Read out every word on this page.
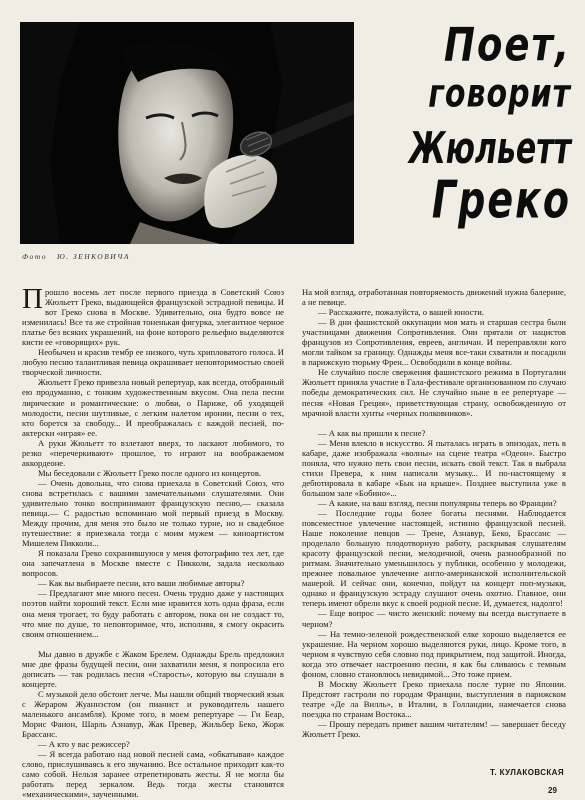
Фото Ю. ЗЕНКОВИЧА
Поет,
говорит
Жюльетт
Греко

Прошло восемь лет после первого приезда в Советский Союз Жюльетт Греко, выдающейся французской эстрадной певицы. И вот Греко снова в Москве. Удивительно, она будто вовсе не изменилась! Все та же стройная тоненькая фигурка, элегантное черное платье без всяких украшений, на фоне которого рельефно выделяются кисти ее «говорящих» рук.

Необычен и красив тембр ее низкого, чуть хрипловатого голоса. И любую песню талантливая певица окрашивает неповторимостью своей творческой личности.

Жюльетт Греко привезла новый репертуар, как всегда, отобранный ею продуманно, с тонким художественным вкусом. Она пела песни лирические и романтические: о любви, о Париже, об уходящей молодости, песни шутливые, с легким налетом иронии, песни о тех, кто борется за свободу... И преображалась с каждой песней, по-актерски «играя» ее.

А руки Жюльетт то взлетают вверх, то ласкают любимого, то резко «перечеркивают» прошлое, то играют на воображаемом аккордеоне.

Мы беседовали с Жюльетт Греко после одного из концертов.

— Очень довольна, что снова приехала в Советский Союз, что снова встретилась с вашими замечательными слушателями. Они удивительно тонко воспринимают французскую песню,— сказала певица.— С радостью вспоминаю мой первый приезд в Москву. Между прочим, для меня это было не только турне, но и свадебное путешествие: я приезжала тогда с моим мужем — киноартистом Мишелем Пикколи...

Я показала Греко сохранившуюся у меня фотографию тех лет, где она запечатлена в Москве вместе с Пикколи, задала несколько вопросов.

— Как вы выбираете песни, кто ваши любимые авторы?

— Предлагают мне много песен. Очень трудно даже у настоящих поэтов найти хороший текст. Если мне нравится хоть одна фраза, если она меня трогает, то буду работать с автором, пока он не создаст то, что мне по душе, то неповторимое, что, исполняя, я смогу окрасить своим отношением...

Мы давно в дружбе с Жаком Брелем. Однажды Брель предложил мне две фразы будущей песни, они захватили меня, я попросила его дописать — так родилась песня «Старость», которую вы слушали в концерте.

С музыкой дело обстоит легче. Мы нашли общий творческий язык с Жераром Жуаннэстом (он пианист и руководитель нашего маленького ансамбля). Кроме того, в моем репертуаре — Ги Беар, Морис Фанон, Шарль Азнавур, Жак Превер, Жильбер Беко, Жорж Брассанс.

— А кто у вас режиссер?

— Я всегда работаю над новой песней сама, «обкатывая» каждое слово, прислушиваясь к его звучанию. Все остальное приходит как-то само собой. Нельзя заранее отрепетировать жесты. Я не могла бы работать перед зеркалом. Ведь тогда жесты становятся «механическими», заученными.

На мой взгляд, отработанная повторяемость движений нужна балерине, а не певице.

— Расскажите, пожалуйста, о вашей юности.

— В дни фашистской оккупации моя мать и старшая сестра были участницами движения Сопротивления. Они прятали от нацистов французов из Сопротивления, евреев, англичан. И переправляли кого могли тайком за границу. Однажды меня все-таки схватили и посадили в парижскую тюрьму Френ... Освободили в конце войны.

Не случайно после свержения фашистского режима в Португалии Жюльетт приняла участие в Гала-фестивале организованном по случаю победы демократических сил. Не случайно ныне в ее репертуаре — песня «Новая Греция», приветствующая страну, освобожденную от мрачной власти хунты «черных полковников».

— А как вы пришли к песне?

— Меня влекло в искусство. Я пыталась играть в эпизодах, петь в кабаре, даже изображала «волны» на сцене театра «Одеон». Быстро поняла, что нужно петь свои песни, искать свой текст. Так я выбрала стихи Превера, к ним написали музыку... И по-настоящему я дебютировала в кабаре «Бык на крыше». Позднее выступила уже в большом зале «Бобино»...

— А какие, на ваш взгляд, песни популярны теперь во Франции?

— Последние годы более богаты песнями. Наблюдается повсеместное увлечение настоящей, истинно французской песней. Наше поколение певцов — Трене, Азнавур, Беко, Брассанс — проделало большую плодотворную работу, раскрывая слушателям красоту французской песни, мелодичной, очень разнообразной по ритмам. Значительно уменьшилось у публики, особенно у молодежи, прежнее повальное увлечение англо-американской исполнительской манерой. И сейчас они, конечно, пойдут на концерт поп-музыки, однако и французскую эстраду слушают очень охотно. Главное, они теперь имеют обрели вкус к своей родной песне. И, думается, надолго!

— Еще вопрос — чисто женский: почему вы всегда выступаете в черном?

— На темно-зеленой рождественской елке хорошо выделяется ее украшение. На черном хорошо выделяются руки, лицо. Кроме того, в черном я чувствую себя словно под прикрытием, под защитой. Иногда, когда это отвечает настроению песни, я как бы сливаюсь с темным фоном, словно становлюсь невидимой... Это тоже прием.

В Москву Жюльетт Греко приехала после турне по Японии. Предстоят гастроли по городам Франции, выступления в парижском театре «Де ла Вилль», в Италии, в Голландии, намечается снова поездка по странам Востока...

— Прошу передать привет вашим читателям! — завершает беседу Жюльетт Греко.

Т. КУЛАКОВСКАЯ
29
